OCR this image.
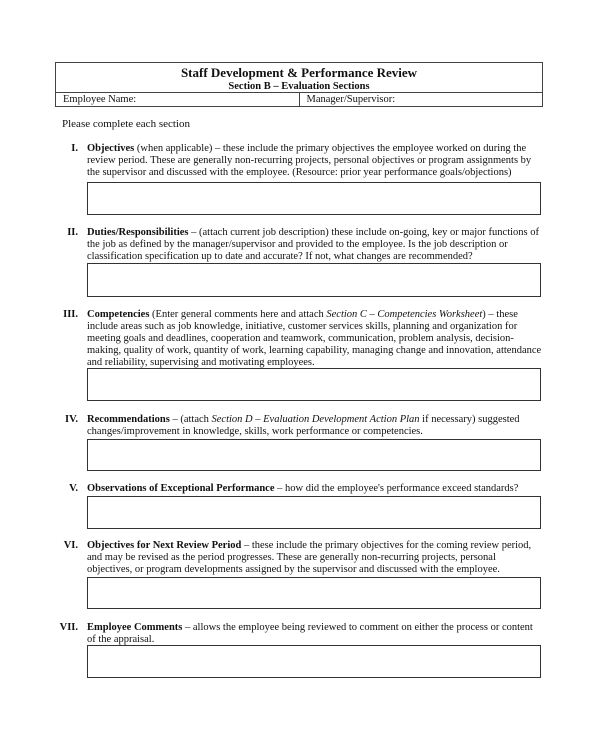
Staff Development & Performance Review
Section B – Evaluation Sections
Employee Name:	Manager/Supervisor:
Please complete each section
I. Objectives (when applicable) – these include the primary objectives the employee worked on during the review period. These are generally non-recurring projects, personal objectives or program assignments by the supervisor and discussed with the employee. (Resource: prior year performance goals/objections)
II. Duties/Responsibilities – (attach current job description) these include on-going, key or major functions of the job as defined by the manager/supervisor and provided to the employee. Is the job description or classification specification up to date and accurate? If not, what changes are recommended?
III. Competencies (Enter general comments here and attach Section C – Competencies Worksheet) – these include areas such as job knowledge, initiative, customer services skills, planning and organization for meeting goals and deadlines, cooperation and teamwork, communication, problem analysis, decision-making, quality of work, quantity of work, learning capability, managing change and innovation, attendance and reliability, supervising and motivating employees.
IV. Recommendations – (attach Section D – Evaluation Development Action Plan if necessary) suggested changes/improvement in knowledge, skills, work performance or competencies.
V. Observations of Exceptional Performance – how did the employee's performance exceed standards?
VI. Objectives for Next Review Period – these include the primary objectives for the coming review period, and may be revised as the period progresses. These are generally non-recurring projects, personal objectives, or program developments assigned by the supervisor and discussed with the employee.
VII. Employee Comments – allows the employee being reviewed to comment on either the process or content of the appraisal.
